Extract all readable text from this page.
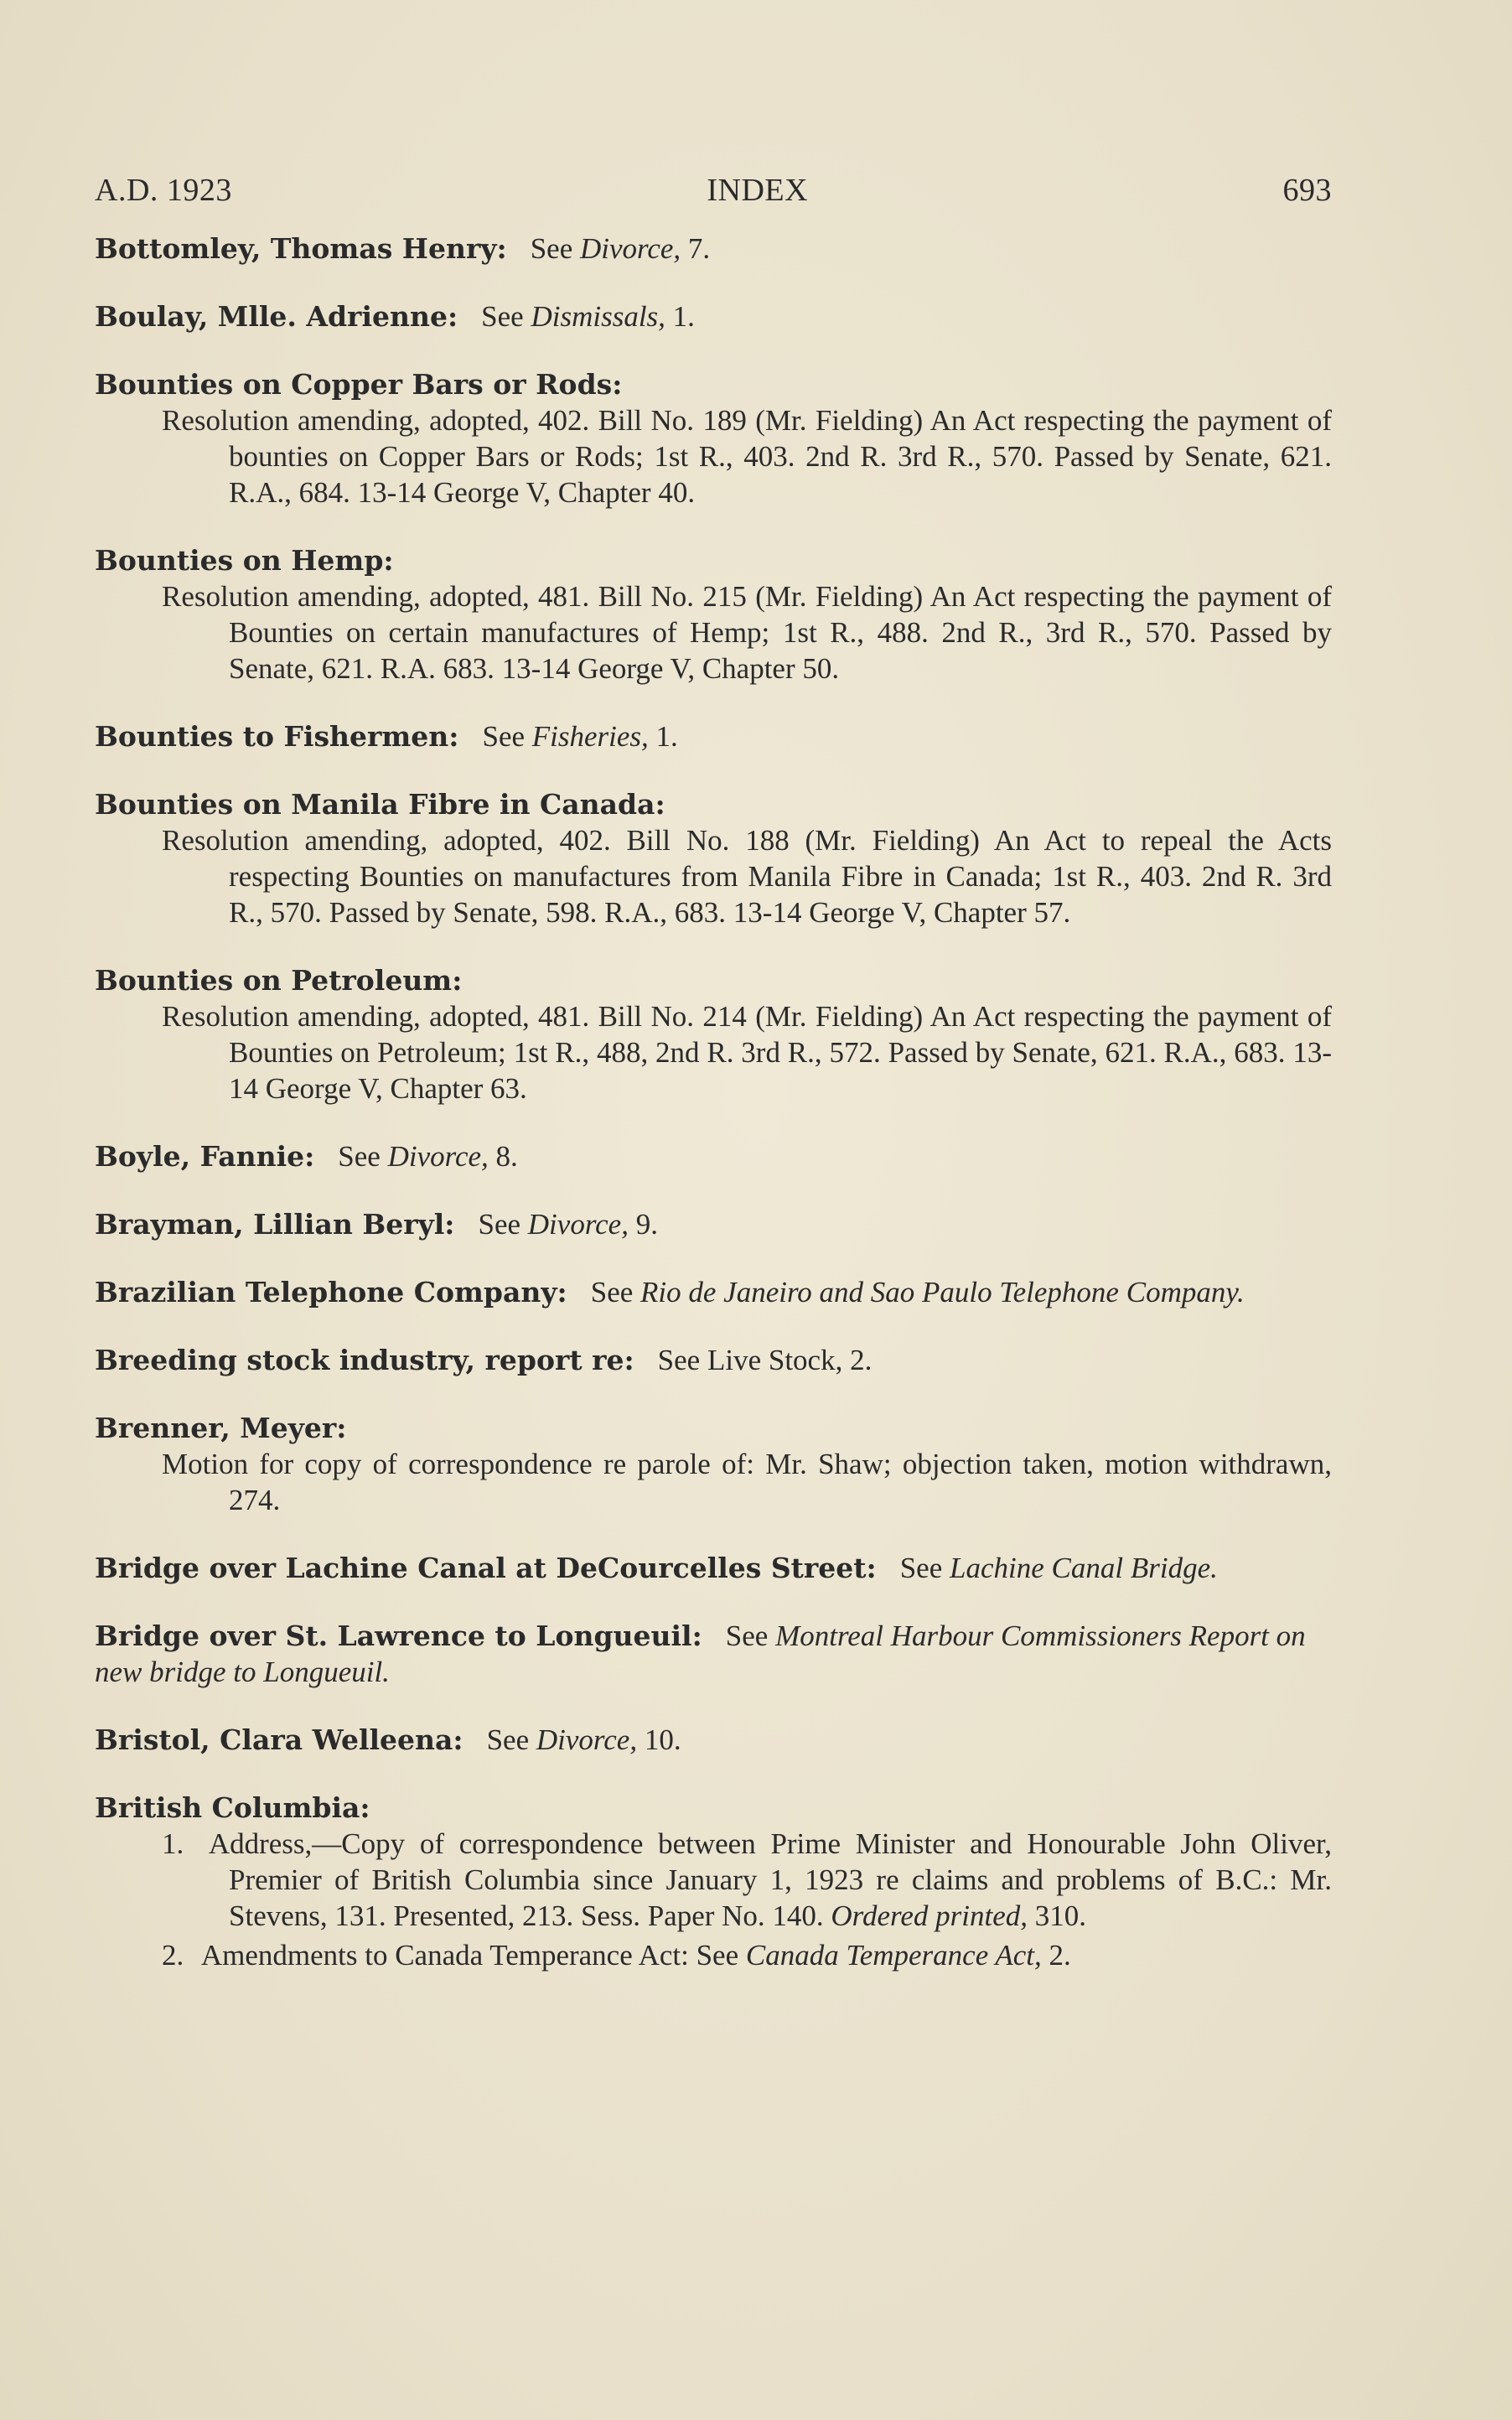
A.D. 1923	INDEX	693
Bottomley, Thomas Henry: See Divorce, 7.
Boulay, Mlle. Adrienne: See Dismissals, 1.
Bounties on Copper Bars or Rods:
Resolution amending, adopted, 402. Bill No. 189 (Mr. Fielding) An Act respecting the payment of bounties on Copper Bars or Rods; 1st R., 403. 2nd R. 3rd R., 570. Passed by Senate, 621. R.A., 684. 13-14 George V, Chapter 40.
Bounties on Hemp:
Resolution amending, adopted, 481. Bill No. 215 (Mr. Fielding) An Act respecting the payment of Bounties on certain manufactures of Hemp; 1st R., 488. 2nd R., 3rd R., 570. Passed by Senate, 621. R.A. 683. 13-14 George V, Chapter 50.
Bounties to Fishermen: See Fisheries, 1.
Bounties on Manila Fibre in Canada:
Resolution amending, adopted, 402. Bill No. 188 (Mr. Fielding) An Act to repeal the Acts respecting Bounties on manufactures from Manila Fibre in Canada; 1st R., 403. 2nd R. 3rd R., 570. Passed by Senate, 598. R.A., 683. 13-14 George V, Chapter 57.
Bounties on Petroleum:
Resolution amending, adopted, 481. Bill No. 214 (Mr. Fielding) An Act respecting the payment of Bounties on Petroleum; 1st R., 488, 2nd R. 3rd R., 572. Passed by Senate, 621. R.A., 683. 13-14 George V, Chapter 63.
Boyle, Fannie: See Divorce, 8.
Brayman, Lillian Beryl: See Divorce, 9.
Brazilian Telephone Company: See Rio de Janeiro and Sao Paulo Telephone Company.
Breeding stock industry, report re: See Live Stock, 2.
Brenner, Meyer:
Motion for copy of correspondence re parole of: Mr. Shaw; objection taken, motion withdrawn, 274.
Bridge over Lachine Canal at DeCourcelles Street: See Lachine Canal Bridge.
Bridge over St. Lawrence to Longueuil: See Montreal Harbour Commissioners Report on new bridge to Longueuil.
Bristol, Clara Welleena: See Divorce, 10.
British Columbia:
1. Address,—Copy of correspondence between Prime Minister and Honourable John Oliver, Premier of British Columbia since January 1, 1923 re claims and problems of B.C.: Mr. Stevens, 131. Presented, 213. Sess. Paper No. 140. Ordered printed, 310.
2. Amendments to Canada Temperance Act: See Canada Temperance Act, 2.
